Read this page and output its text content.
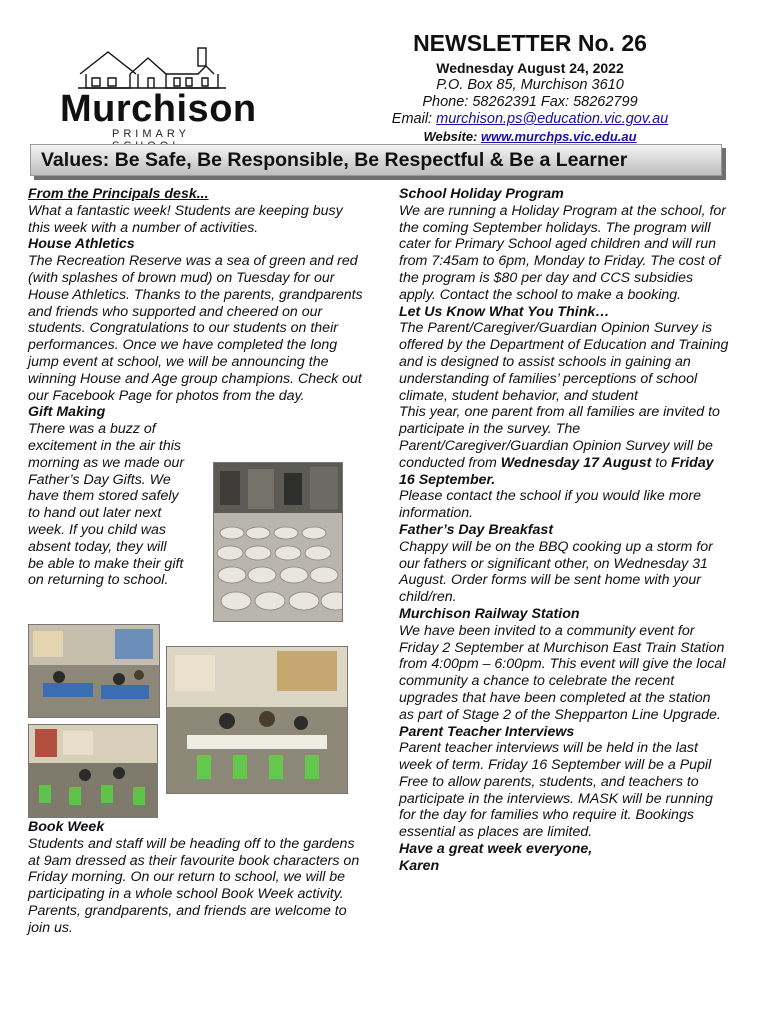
Murchison
PRIMARY
NEWSLETTER No. 26
Wednesday August 24, 2022
P.O. Box 85, Murchison 3610
Phone: 58262391 Fax: 58262799
Email: murchison.ps@education.vic.gov.au
Website: www.murchps.vic.edu.au
Values: Be Safe, Be Responsible, Be Respectful & Be a Learner

From the Principals desk...

What a fantastic week! Students are keeping busy this week with a number of activities.

House Athletics

The Recreation Reserve was a sea of green and red (with splashes of brown mud) on Tuesday for our House Athletics. Thanks to the parents, grandparents and friends who supported and cheered on our students. Congratulations to our students on their performances. Once we have completed the long jump event at school, we will be announcing the winning House and Age group champions. Check out our Facebook Page for photos from the day.

Gift Making

There was a buzz of

excitement in the air this

morning as we made our

Father’s Day Gifts. We

have them stored safely

to hand out later next

week. If you child was

absent today, they will

be able to make their gift

on returning to school.

Book Week

Students and staff will be heading off to the gardens at 9am dressed as their favourite book characters on Friday morning. On our return to school, we will be participating in a whole school Book Week activity. Parents, grandparents, and friends are welcome to join us.

School Holiday Program

We are running a Holiday Program at the school, for the coming September holidays. The program will cater for Primary School aged children and will run from 7:45am to 6pm, Monday to Friday. The cost of the program is $80 per day and CCS subsidies apply. Contact the school to make a booking.

Let Us Know What You Think…

The Parent/Caregiver/Guardian Opinion Survey is offered by the Department of Education and Training and is designed to assist schools in gaining an understanding of families’ perceptions of school climate, student behavior, and student

This year, one parent from all families are invited to participate in the survey. The Parent/Caregiver/Guardian Opinion Survey will be conducted from Wednesday 17 August to Friday 16 September.

Please contact the school if you would like more information.

Father’s Day Breakfast

Chappy will be on the BBQ cooking up a storm for our fathers or significant other, on Wednesday 31 August. Order forms will be sent home with your child/ren.

Murchison Railway Station

We have been invited to a community event for Friday 2 September at Murchison East Train Station from 4:00pm – 6:00pm. This event will give the local community a chance to celebrate the recent upgrades that have been completed at the station as part of Stage 2 of the Shepparton Line Upgrade.

Parent Teacher Interviews

Parent teacher interviews will be held in the last week of term. Friday 16 September will be a Pupil Free to allow parents, students, and teachers to participate in the interviews. MASK will be running for the day for families who require it. Bookings essential as places are limited.

Have a great week everyone,

Karen
